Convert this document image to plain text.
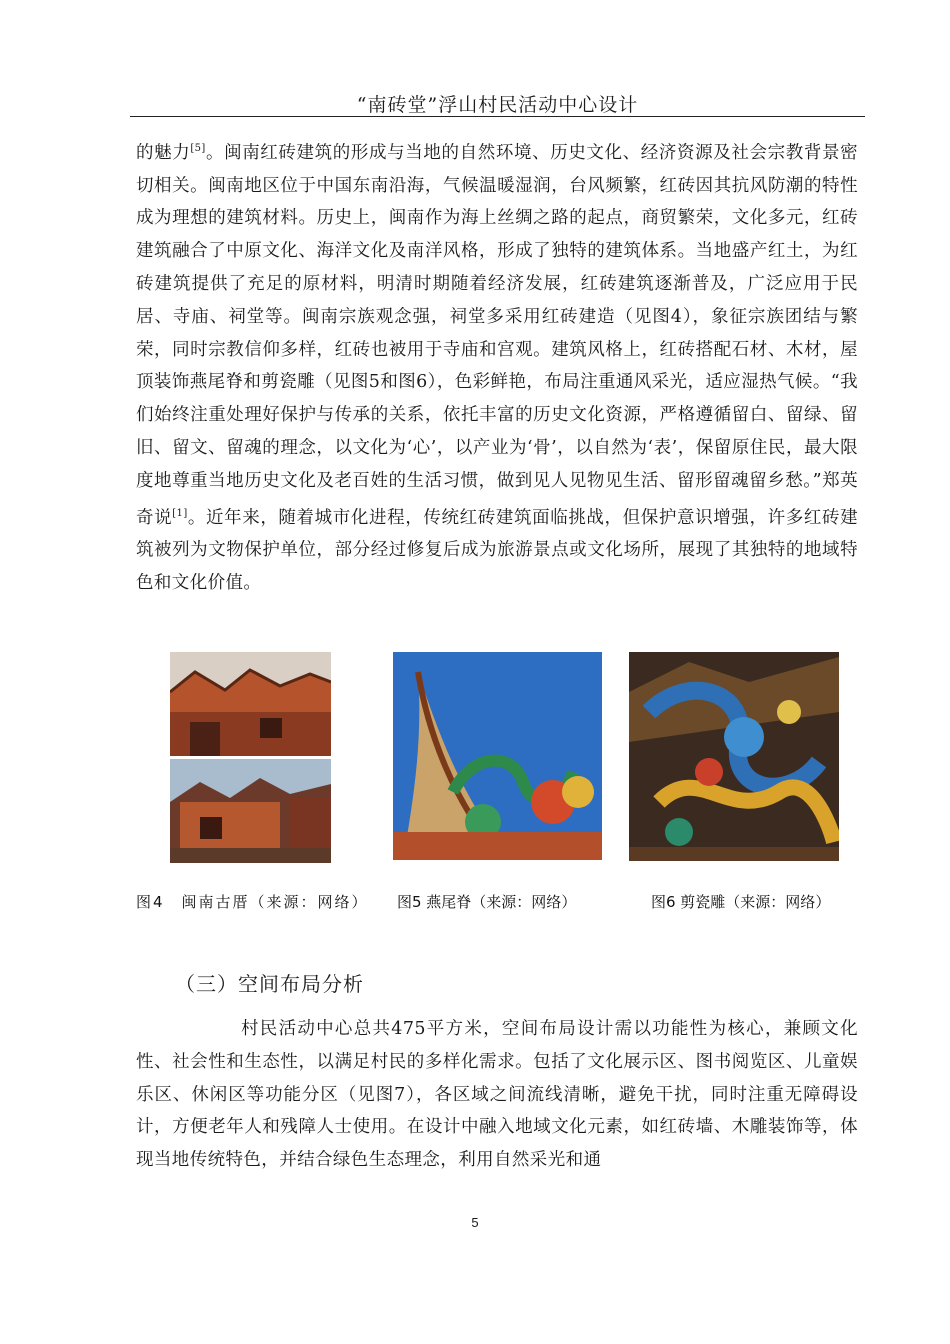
“南砖堂”浮山村民活动中心设计

的魅力[5]。闽南红砖建筑的形成与当地的自然环境、历史文化、经济资源及社会宗教背景密切相关。闽南地区位于中国东南沿海，气候温暖湿润，台风频繁，红砖因其抗风防潮的特性成为理想的建筑材料。历史上，闽南作为海上丝绸之路的起点，商贸繁荣，文化多元，红砖建筑融合了中原文化、海洋文化及南洋风格，形成了独特的建筑体系。当地盛产红土，为红砖建筑提供了充足的原材料，明清时期随着经济发展，红砖建筑逐渐普及，广泛应用于民居、寺庙、祠堂等。闽南宗族观念强，祠堂多采用红砖建造（见图4），象征宗族团结与繁荣，同时宗教信仰多样，红砖也被用于寺庙和宫观。建筑风格上，红砖搭配石材、木材，屋顶装饰燕尾脊和剪瓷雕（见图5和图6），色彩鲜艳，布局注重通风采光，适应湿热气候。“我们始终注重处理好保护与传承的关系，依托丰富的历史文化资源，严格遵循留白、留绿、留旧、留文、留魂的理念，以文化为‘心’，以产业为‘骨’，以自然为‘表’，保留原住民，最大限度地尊重当地历史文化及老百姓的生活习惯，做到见人见物见生活、留形留魂留乡愁。”郑英奇说[1]。近年来，随着城市化进程，传统红砖建筑面临挑战，但保护意识增强，许多红砖建筑被列为文物保护单位，部分经过修复后成为旅游景点或文化场所，展现了其独特的地域特色和文化价值。

图4　闽南古厝（来源：网络）	图5 燕尾脊（来源：网络）	图6 剪瓷雕（来源：网络）
（三）空间布局分析

村民活动中心总共475平方米，空间布局设计需以功能性为核心，兼顾文化性、社会性和生态性，以满足村民的多样化需求。包括了文化展示区、图书阅览区、儿童娱乐区、休闲区等功能分区（见图7），各区域之间流线清晰，避免干扰，同时注重无障碍设计，方便老年人和残障人士使用。在设计中融入地域文化元素，如红砖墙、木雕装饰等，体现当地传统特色，并结合绿色生态理念，利用自然采光和通

5
